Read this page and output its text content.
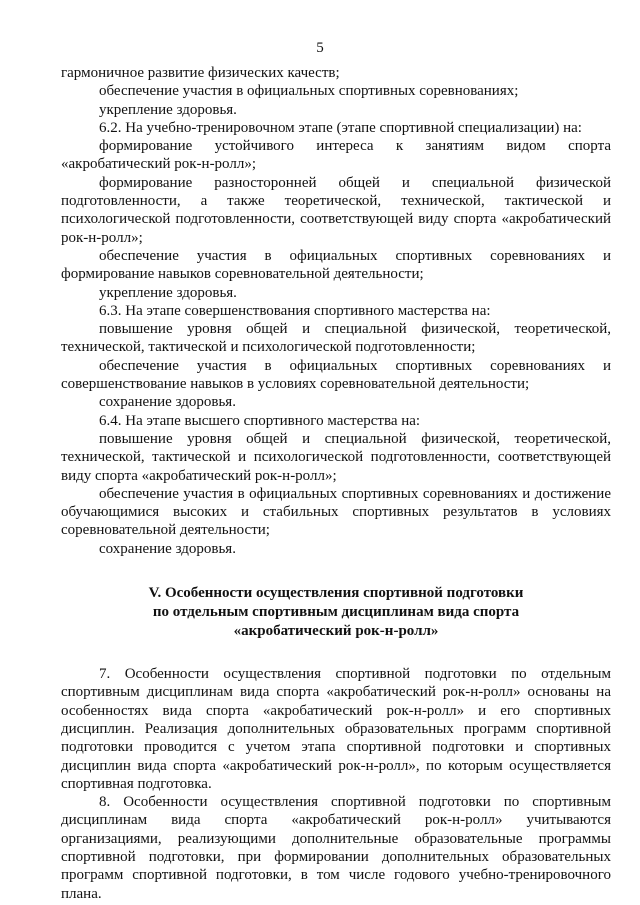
5

гармоничное развитие физических качеств;

обеспечение участия в официальных спортивных соревнованиях;

укрепление здоровья.

6.2. На учебно-тренировочном этапе (этапе спортивной специализации) на:

формирование устойчивого интереса к занятиям видом спорта «акробатический рок-н-ролл»;

формирование разносторонней общей и специальной физической подготовленности, а также теоретической, технической, тактической и психологической подготовленности, соответствующей виду спорта «акробатический рок-н-ролл»;

обеспечение участия в официальных спортивных соревнованиях и формирование навыков соревновательной деятельности;

укрепление здоровья.

6.3. На этапе совершенствования спортивного мастерства на:

повышение уровня общей и специальной физической, теоретической, технической, тактической и психологической подготовленности;

обеспечение участия в официальных спортивных соревнованиях и совершенствование навыков в условиях соревновательной деятельности;

сохранение здоровья.

6.4. На этапе высшего спортивного мастерства на:

повышение уровня общей и специальной физической, теоретической, технической, тактической и психологической подготовленности, соответствующей виду спорта «акробатический рок-н-ролл»;

обеспечение участия в официальных спортивных соревнованиях и достижение обучающимися высоких и стабильных спортивных результатов в условиях соревновательной деятельности;

сохранение здоровья.

V. Особенности осуществления спортивной подготовки
по отдельным спортивным дисциплинам вида спорта
«акробатический рок-н-ролл»

7. Особенности осуществления спортивной подготовки по отдельным спортивным дисциплинам вида спорта «акробатический рок-н-ролл» основаны на особенностях вида спорта «акробатический рок-н-ролл» и его спортивных дисциплин. Реализация дополнительных образовательных программ спортивной подготовки проводится с учетом этапа спортивной подготовки и спортивных дисциплин вида спорта «акробатический рок-н-ролл», по которым осуществляется спортивная подготовка.

8. Особенности осуществления спортивной подготовки по спортивным дисциплинам вида спорта «акробатический рок-н-ролл» учитываются организациями, реализующими дополнительные образовательные программы спортивной подготовки, при формировании дополнительных образовательных программ спортивной подготовки, в том числе годового учебно-тренировочного плана.
